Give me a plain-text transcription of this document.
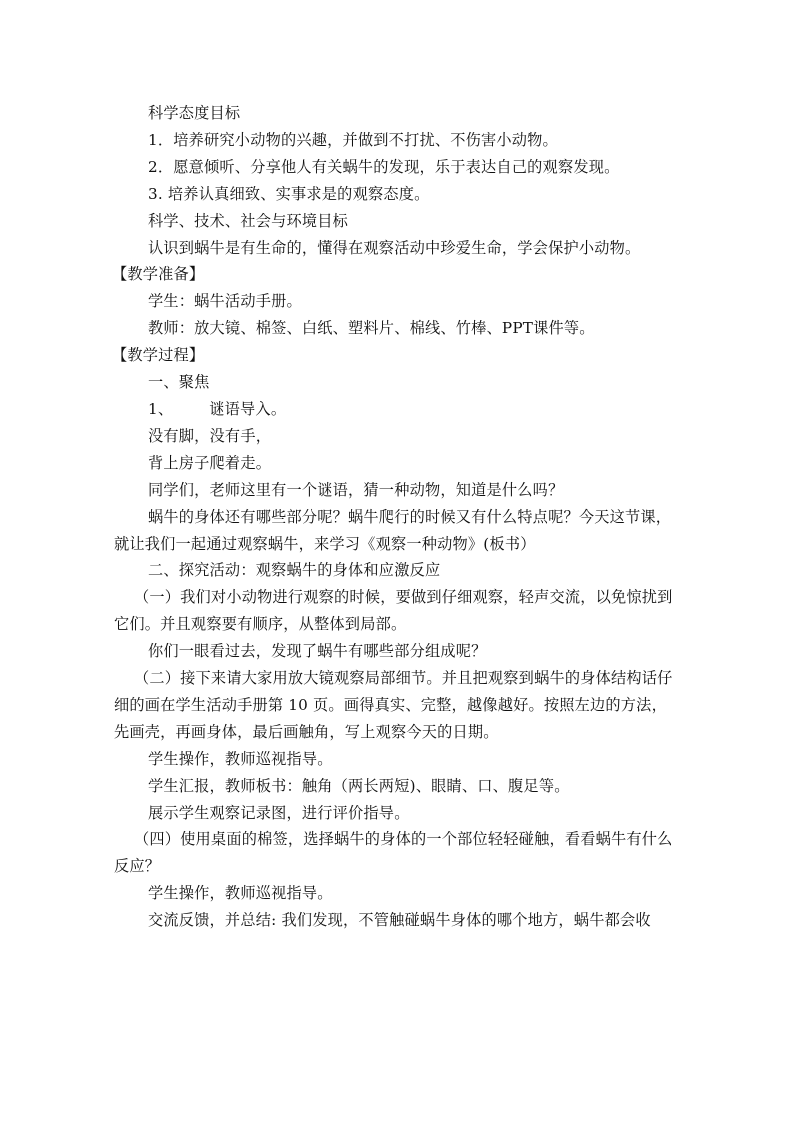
科学态度目标

1．培养研究小动物的兴趣，并做到不打扰、不伤害小动物。

2．愿意倾听、分享他人有关蜗牛的发现，乐于表达自己的观察发现。

3. 培养认真细致、实事求是的观察态度。

科学、技术、社会与环境目标

认识到蜗牛是有生命的，懂得在观察活动中珍爱生命，学会保护小动物。

【教学准备】

学生：蜗牛活动手册。

教师：放大镜、棉签、白纸、塑料片、棉线、竹棒、PPT课件等。

【教学过程】

一、聚焦

1、 谜语导入。

没有脚，没有手，

背上房子爬着走。

同学们，老师这里有一个谜语，猜一种动物，知道是什么吗？

蜗牛的身体还有哪些部分呢？蜗牛爬行的时候又有什么特点呢？今天这节课，就让我们一起通过观察蜗牛，来学习《观察一种动物》(板书）

二、探究活动：观察蜗牛的身体和应激反应

（一）我们对小动物进行观察的时候，要做到仔细观察，轻声交流，以免惊扰到它们。并且观察要有顺序，从整体到局部。

你们一眼看过去，发现了蜗牛有哪些部分组成呢？

（二）接下来请大家用放大镜观察局部细节。并且把观察到蜗牛的身体结构话仔细的画在学生活动手册第 10 页。画得真实、完整，越像越好。按照左边的方法，先画壳，再画身体，最后画触角，写上观察今天的日期。

学生操作，教师巡视指导。

学生汇报，教师板书：触角（两长两短)、眼睛、口、腹足等。

展示学生观察记录图，进行评价指导。

（四）使用桌面的棉签，选择蜗牛的身体的一个部位轻轻碰触，看看蜗牛有什么反应？

学生操作，教师巡视指导。

交流反馈，并总结: 我们发现，不管触碰蜗牛身体的哪个地方，蜗牛都会收
